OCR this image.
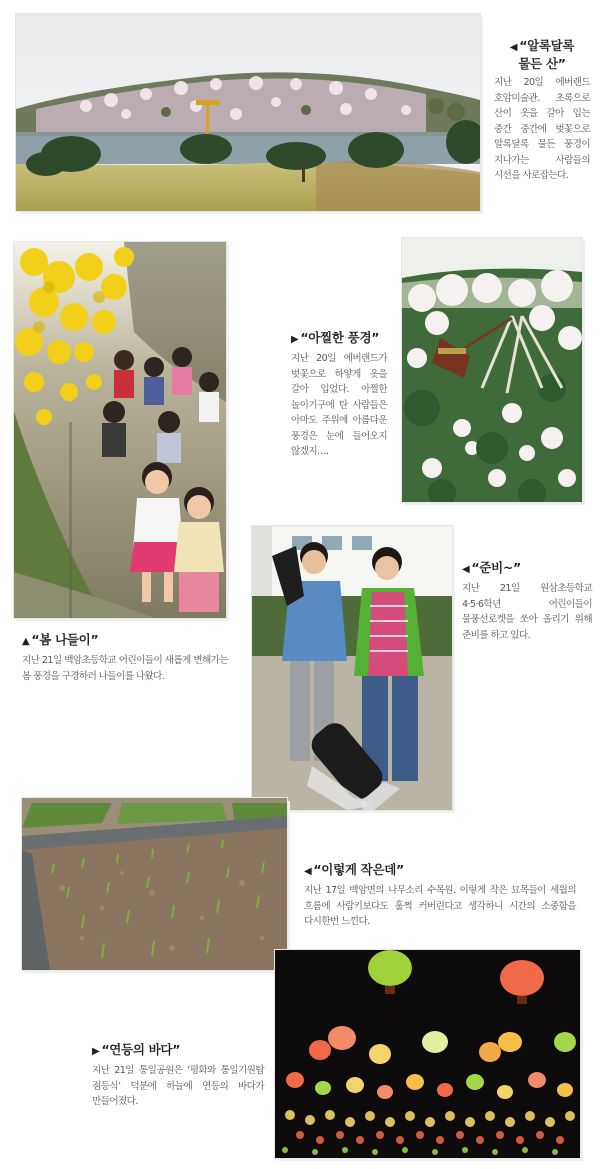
◀ “알록달록
물든 산”
지난 20일 에버랜드 호암미술관. 초록으로 산이 옷을 갈아 입는 중간 중간에 벚꽃으로 알록달록 물든 풍경이 지나가는 사람들의 시선을 사로잡는다.
▲ “봄 나들이”
지난 21일 백암초등학교 어린이들이 새롭게 변해가는 봄 풍경을 구경하러 나들이를 나왔다.
▶ “아찔한 풍경”
지난 20일 에버랜드가 벚꽃으로 하얗게 옷을 갈아 입었다. 아찔한 놀이기구에 탄 사람들은 아마도 주위에 아름다운 풍경은 눈에 들어오지 않겠지….
◀ “준비~”
지난 21일 원삼초등학교 4·5·6학년 어린이들이 물풍선로켓을 쏘아 올리기 위해 준비를 하고 있다.
◀ “이렇게 작은데”
지난 17일 백암면의 나무소리 수목원. 이렇게 작은 묘목들이 세월의 흐름에 사람키보다도 훌쩍 커버린다고 생각하니 시간의 소중함을 다시한번 느낀다.
▶ “연등의 바다”
지난 21일 통일공원은 ‘평화와 통일기원탑 점등식’ 덕분에 하늘에 연등의 바다가 만들어졌다.
